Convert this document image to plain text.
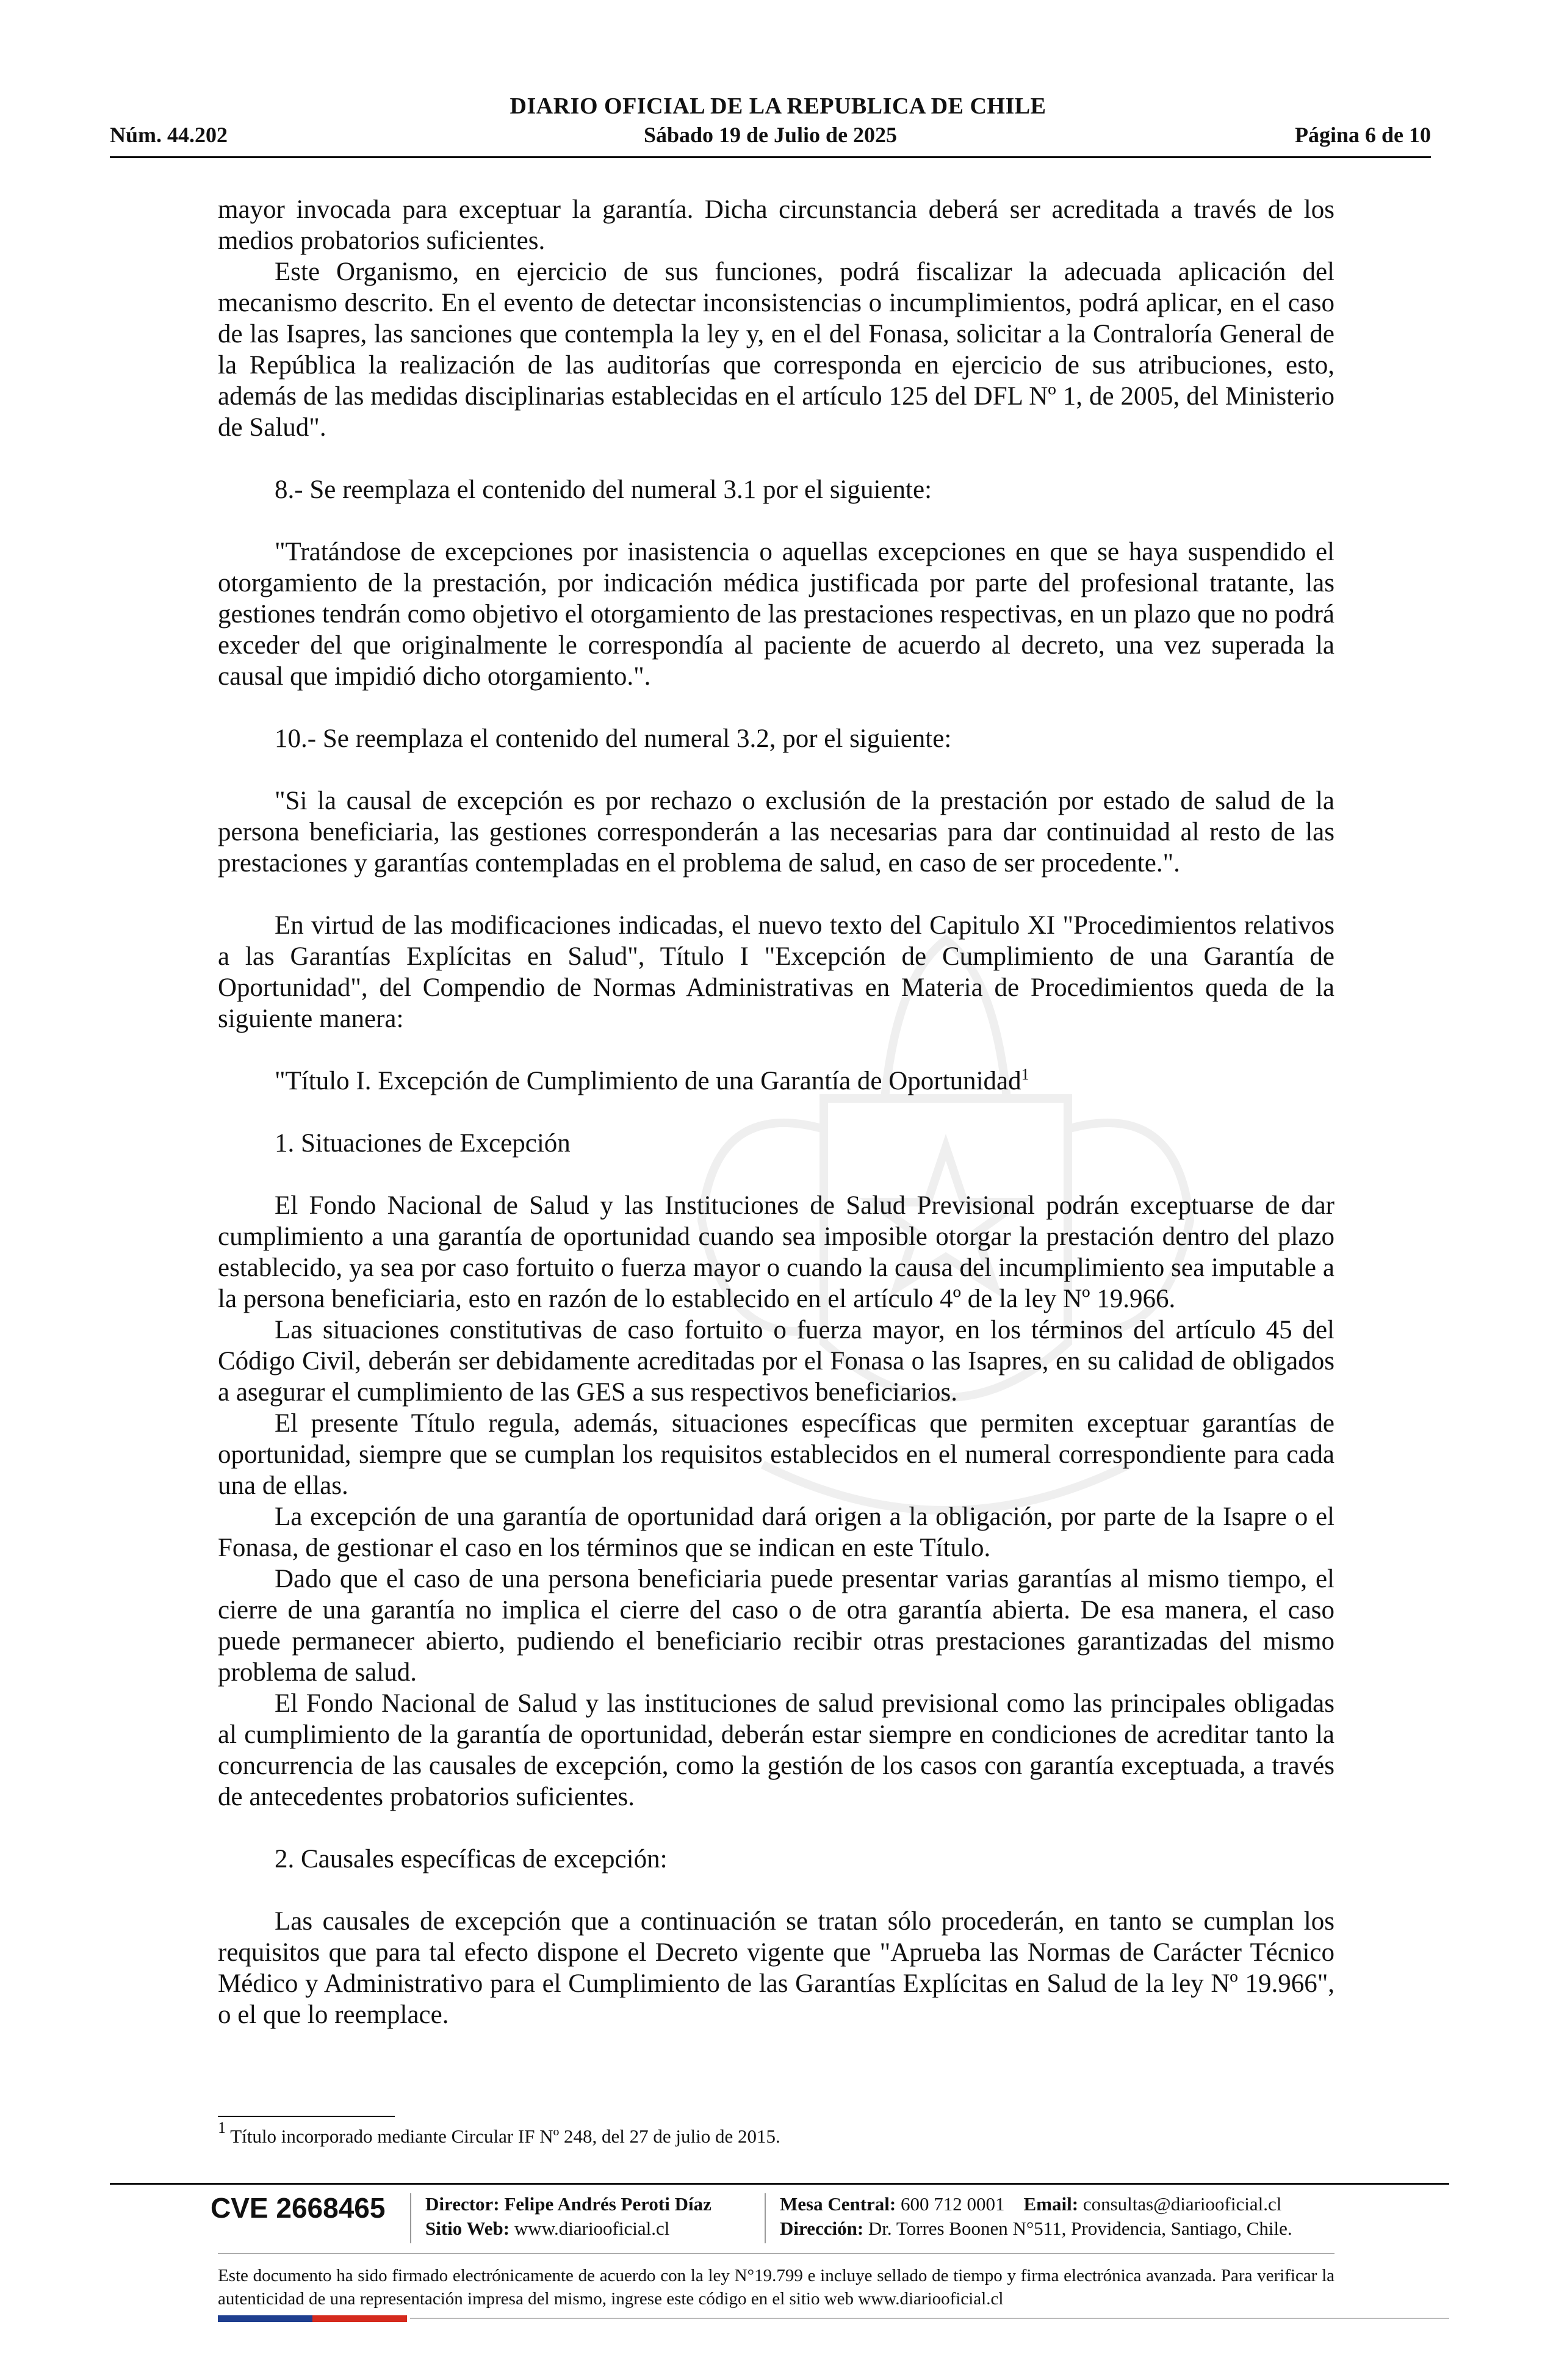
DIARIO OFICIAL DE LA REPUBLICA DE CHILE
Núm. 44.202	Sábado 19 de Julio de 2025	Página 6 de 10

mayor invocada para exceptuar la garantía. Dicha circunstancia deberá ser acreditada a través de los medios probatorios suficientes.

Este Organismo, en ejercicio de sus funciones, podrá fiscalizar la adecuada aplicación del mecanismo descrito. En el evento de detectar inconsistencias o incumplimientos, podrá aplicar, en el caso de las Isapres, las sanciones que contempla la ley y, en el del Fonasa, solicitar a la Contraloría General de la República la realización de las auditorías que corresponda en ejercicio de sus atribuciones, esto, además de las medidas disciplinarias establecidas en el artículo 125 del DFL Nº 1, de 2005, del Ministerio de Salud".

8.- Se reemplaza el contenido del numeral 3.1 por el siguiente:

"Tratándose de excepciones por inasistencia o aquellas excepciones en que se haya suspendido el otorgamiento de la prestación, por indicación médica justificada por parte del profesional tratante, las gestiones tendrán como objetivo el otorgamiento de las prestaciones respectivas, en un plazo que no podrá exceder del que originalmente le correspondía al paciente de acuerdo al decreto, una vez superada la causal que impidió dicho otorgamiento.".

10.- Se reemplaza el contenido del numeral 3.2, por el siguiente:

"Si la causal de excepción es por rechazo o exclusión de la prestación por estado de salud de la persona beneficiaria, las gestiones corresponderán a las necesarias para dar continuidad al resto de las prestaciones y garantías contempladas en el problema de salud, en caso de ser procedente.".

En virtud de las modificaciones indicadas, el nuevo texto del Capitulo XI "Procedimientos relativos a las Garantías Explícitas en Salud", Título I "Excepción de Cumplimiento de una Garantía de Oportunidad", del Compendio de Normas Administrativas en Materia de Procedimientos queda de la siguiente manera:

"Título I. Excepción de Cumplimiento de una Garantía de Oportunidad$^1$

1. Situaciones de Excepción

El Fondo Nacional de Salud y las Instituciones de Salud Previsional podrán exceptuarse de dar cumplimiento a una garantía de oportunidad cuando sea imposible otorgar la prestación dentro del plazo establecido, ya sea por caso fortuito o fuerza mayor o cuando la causa del incumplimiento sea imputable a la persona beneficiaria, esto en razón de lo establecido en el artículo 4º de la ley Nº 19.966.

Las situaciones constitutivas de caso fortuito o fuerza mayor, en los términos del artículo 45 del Código Civil, deberán ser debidamente acreditadas por el Fonasa o las Isapres, en su calidad de obligados a asegurar el cumplimiento de las GES a sus respectivos beneficiarios.

El presente Título regula, además, situaciones específicas que permiten exceptuar garantías de oportunidad, siempre que se cumplan los requisitos establecidos en el numeral correspondiente para cada una de ellas.

La excepción de una garantía de oportunidad dará origen a la obligación, por parte de la Isapre o el Fonasa, de gestionar el caso en los términos que se indican en este Título.

Dado que el caso de una persona beneficiaria puede presentar varias garantías al mismo tiempo, el cierre de una garantía no implica el cierre del caso o de otra garantía abierta. De esa manera, el caso puede permanecer abierto, pudiendo el beneficiario recibir otras prestaciones garantizadas del mismo problema de salud.

El Fondo Nacional de Salud y las instituciones de salud previsional como las principales obligadas al cumplimiento de la garantía de oportunidad, deberán estar siempre en condiciones de acreditar tanto la concurrencia de las causales de excepción, como la gestión de los casos con garantía exceptuada, a través de antecedentes probatorios suficientes.

2. Causales específicas de excepción:

Las causales de excepción que a continuación se tratan sólo procederán, en tanto se cumplan los requisitos que para tal efecto dispone el Decreto vigente que "Aprueba las Normas de Carácter Técnico Médico y Administrativo para el Cumplimiento de las Garantías Explícitas en Salud de la ley Nº 19.966", o el que lo reemplace.

$^1$ Título incorporado mediante Circular IF Nº 248, del 27 de julio de 2015.
CVE 2668465	Director: Felipe Andrés Peroti Díaz
Sitio Web: www.diariooficial.cl
Mesa Central: 600 712 0001 Email: consultas@diariooficial.cl
Dirección: Dr. Torres Boonen N°511, Providencia, Santiago, Chile.
Este documento ha sido firmado electrónicamente de acuerdo con la ley N°19.799 e incluye sellado de tiempo y firma electrónica avanzada. Para verificar la autenticidad de una representación impresa del mismo, ingrese este código en el sitio web www.diariooficial.cl
